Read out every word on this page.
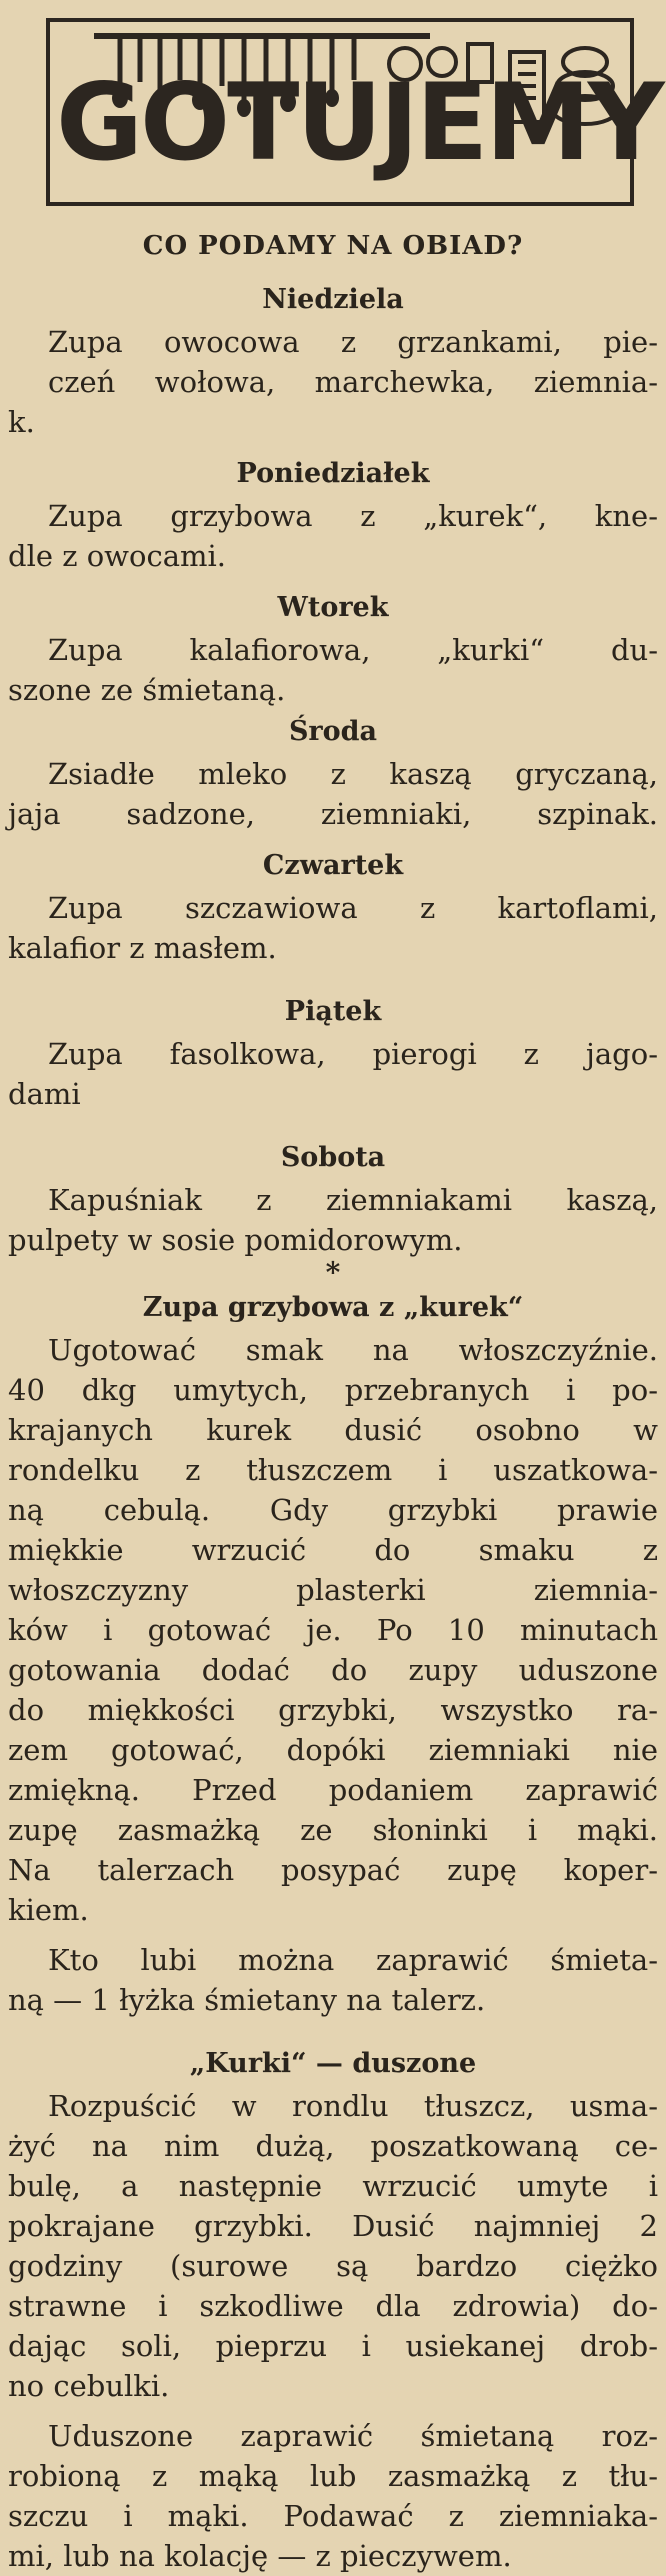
GOTUJEMY
CO PODAMY NA OBIAD?
Niedziela
Zupa owocowa z grzankami, pie-
czeń wołowa, marchewka, ziemnia-
k.
Poniedziałek
Zupa grzybowa z „kurek“, kne-
dle z owocami.
Wtorek
Zupa kalafiorowa, „kurki“ du-
szone ze śmietaną.
Środa
Zsiadłe mleko z kaszą gryczaną,
jaja sadzone, ziemniaki, szpinak.
Czwartek
Zupa szczawiowa z kartoflami,
kalafior z masłem.
Piątek
Zupa fasolkowa, pierogi z jago-
dami
Sobota
Kapuśniak z ziemniakami kaszą,
pulpety w sosie pomidorowym.
*
Zupa grzybowa z „kurek“
Ugotować smak na włoszczyźnie.
40 dkg umytych, przebranych i po-
krajanych kurek dusić osobno w
rondelku z tłuszczem i uszatkowa-
ną cebulą. Gdy grzybki prawie
miękkie wrzucić do smaku z
włoszczyzny plasterki ziemnia-
ków i gotować je. Po 10 minutach
gotowania dodać do zupy uduszone
do miękkości grzybki, wszystko ra-
zem gotować, dopóki ziemniaki nie
zmiękną. Przed podaniem zaprawić
zupę zasmażką ze słoninki i mąki.
Na talerzach posypać zupę koper-
kiem.
Kto lubi można zaprawić śmieta-
ną — 1 łyżka śmietany na talerz.
„Kurki“ — duszone
Rozpuścić w rondlu tłuszcz, usma-
żyć na nim dużą, poszatkowaną ce-
bulę, a następnie wrzucić umyte i
pokrajane grzybki. Dusić najmniej 2
godziny (surowe są bardzo ciężko
strawne i szkodliwe dla zdrowia) do-
dając soli, pieprzu i usiekanej drob-
no cebulki.
Uduszone zaprawić śmietaną roz-
robioną z mąką lub zasmażką z tłu-
szczu i mąki. Podawać z ziemniaka-
mi, lub na kolację — z pieczywem.
